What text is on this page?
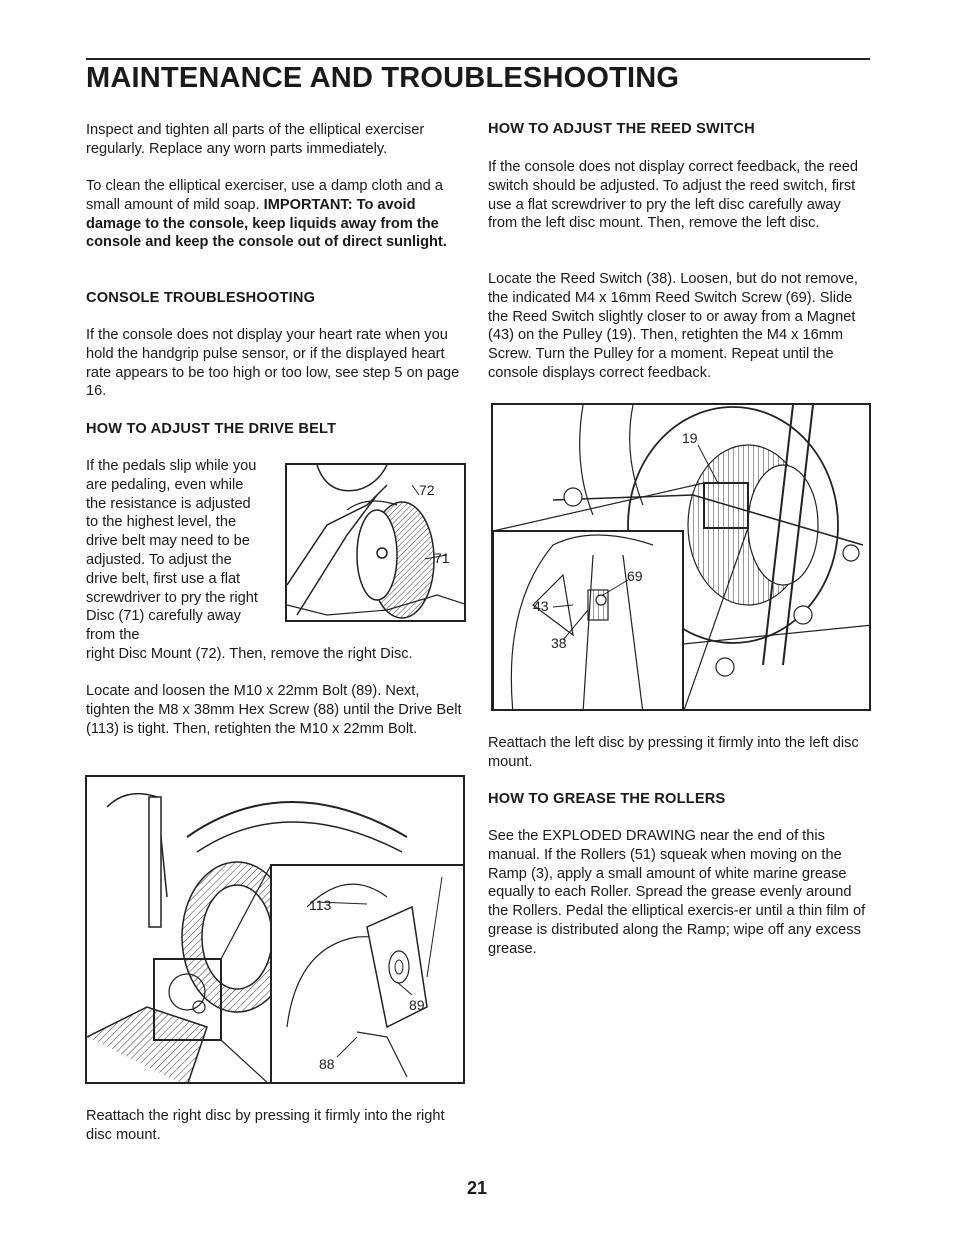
MAINTENANCE AND TROUBLESHOOTING

Inspect and tighten all parts of the elliptical exerciser regularly. Replace any worn parts immediately.

To clean the elliptical exerciser, use a damp cloth and a small amount of mild soap. IMPORTANT: To avoid damage to the console, keep liquids away from the console and keep the console out of direct sunlight.

CONSOLE TROUBLESHOOTING

If the console does not display your heart rate when you hold the handgrip pulse sensor, or if the displayed heart rate appears to be too high or too low, see step 5 on page 16.

HOW TO ADJUST THE DRIVE BELT

If the pedals slip while you are pedaling, even while the resistance is adjusted to the highest level, the drive belt may need to be adjusted. To adjust the drive belt, first use a flat screwdriver to pry the right Disc (71) carefully away from the

right Disc Mount (72). Then, remove the right Disc.

72
71

Locate and loosen the M10 x 22mm Bolt (89). Next, tighten the M8 x 38mm Hex Screw (88) until the Drive Belt (113) is tight. Then, retighten the M10 x 22mm Bolt.

113
89
88

Reattach the right disc by pressing it firmly into the right disc mount.

HOW TO ADJUST THE REED SWITCH

If the console does not display correct feedback, the reed switch should be adjusted. To adjust the reed switch, first use a flat screwdriver to pry the left disc carefully away from the left disc mount. Then, remove the left disc.

Locate the Reed Switch (38). Loosen, but do not remove, the indicated M4 x 16mm Reed Switch Screw (69). Slide the Reed Switch slightly closer to or away from a Magnet (43) on the Pulley (19). Then, retighten the M4 x 16mm Screw. Turn the Pulley for a moment. Repeat until the console displays correct feedback.

19
69
43
38

Reattach the left disc by pressing it firmly into the left disc mount.

HOW TO GREASE THE ROLLERS

See the EXPLODED DRAWING near the end of this manual. If the Rollers (51) squeak when moving on the Ramp (3), apply a small amount of white marine grease equally to each Roller. Spread the grease evenly around the Rollers. Pedal the elliptical exercis-er until a thin film of grease is distributed along the Ramp; wipe off any excess grease.

21
